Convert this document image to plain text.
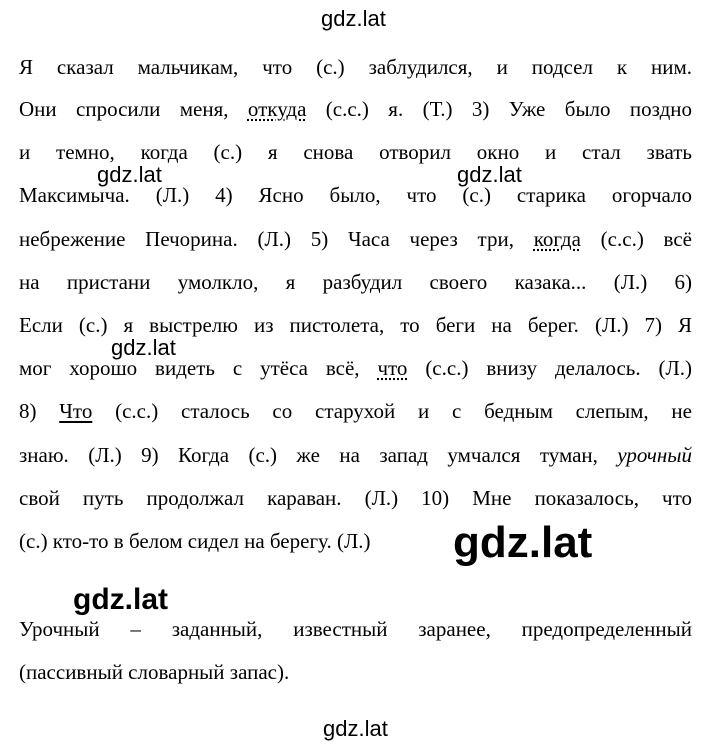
gdz.lat
Я сказал мальчикам, что (с.) заблудился, и подсел к ним.
Они спросили меня, откуда (с.с.) я. (Т.) 3) Уже было поздно
и темно, когда (с.) я снова отворил окно и стал звать
Максимыча. (Л.) 4) Ясно было, что (с.) старика огорчало
небрежение Печорина. (Л.) 5) Часа через три, когда (с.с.) всё
на пристани умолкло, я разбудил своего казака... (Л.) 6)
Если (с.) я выстрелю из пистолета, то беги на берег. (Л.) 7) Я
мог хорошо видеть с утёса всё, что (с.с.) внизу делалось. (Л.)
8) Что (с.с.) сталось со старухой и с бедным слепым, не
знаю. (Л.) 9) Когда (с.) же на запад умчался туман, урочный
свой путь продолжал караван. (Л.) 10) Мне показалось, что
(с.) кто-то в белом сидел на берегу. (Л.)
Урочный – заданный, известный заранее, предопределенный
(пассивный словарный запас).
gdz.lat	gdz.lat
gdz.lat
gdz.lat
gdz.lat
gdz.lat
